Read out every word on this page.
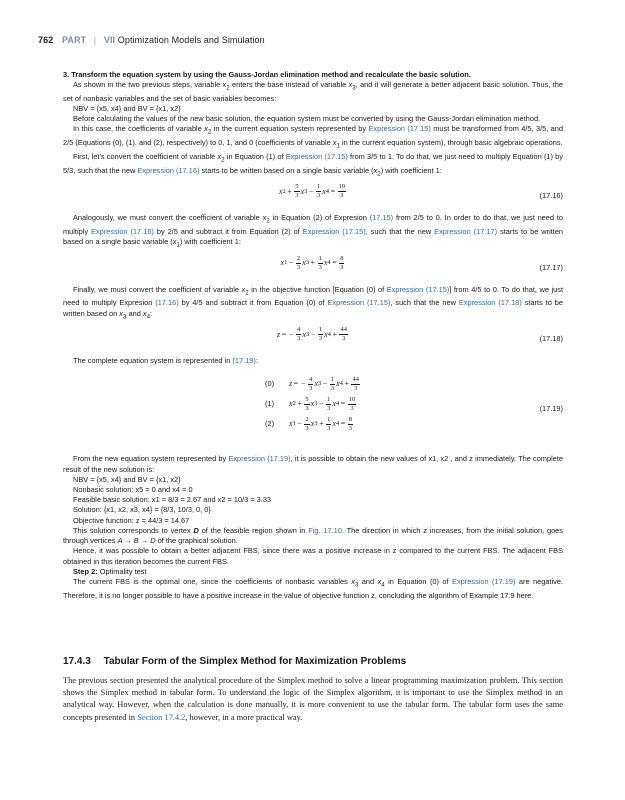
762 PART | VII Optimization Models and Simulation

3. Transform the equation system by using the Gauss-Jordan elimination method and recalculate the basic solution.

As shown in the two previous steps, variable $x_2$ enters the base instead of variable $x_3$, and it will generate a better adjacent basic solution. Thus, the set of nonbasic variables and the set of basic variables becomes:

NBV = {x5, x4} and BV = {x1, x2}

Before calculating the values of the new basic solution, the equation system must be converted by using the Gauss-Jordan elimination method.

In this case, the coefficients of variable $x_2$ in the current equation system represented by Expression (17.15) must be transformed from 4/5, 3/5, and 2/5 (Equations (0), (1), and (2), respectively) to 0, 1, and 0 (coefficients of variable $x_1$ in the current equation system), through basic algebraic operations.

First, let’s convert the coefficient of variable $x_2$ in Equation (1) of Expression (17.15) from 3/5 to 1. To do that, we just need to multiply Equation (1) by 5/3, such that the new Expression (17.16) starts to be written based on a single basic variable $(x_2)$ with coefficient 1:

x $2 + \frac{5}{3}$ x $3 - \frac{1}{3}$ x $4 = \frac{10}{3}$	(17.16)

Analogously, we must convert the coefficient of variable $x_2$ in Equation (2) of Expresion (17.15) from 2/5 to 0. In order to do that, we just need to multiply Expression (17.16) by 2/5 and subtract it from Equation (2) of Expression (17.15), such that the new Expression (17.17) starts to be written based on a single basic variable $(x_1)$ with coefficient 1:

x $1 - \frac{2}{3}$ x $3 + \frac{1}{3}$ x $4 = \frac{8}{3}$	(17.17)

Finally, we must convert the coefficient of variable $x_2$ in the objective function [Equation (0) of Expression (17.15)] from 4/5 to 0. To do that, we just need to multiply Expresion (17.16) by 4/5 and subtract it from Equation (0) of Expression (17.15), such that the new Expression (17.18) starts to be written based on $x_3$ and $x_4$:

z = − $\frac{4}{3}$ x $3 - \frac{1}{3}$ x $4 + \frac{44}{3}$	(17.18)

The complete equation system is represented in (17.19):

(0)	z = − $\frac{4}{3}$ x $3 - \frac{1}{3}$ x $4 + \frac{44}{3}$
(1)	x $2 + \frac{5}{3}$ x $3 - \frac{1}{3}$ x $4 = \frac{10}{3}$
(2)	x $1 - \frac{2}{3}$ x $3 + \frac{1}{3}$ x $4 = \frac{8}{3}$
(17.19)

From the new equation system represented by Expression (17.19), it is possible to obtain the new values of x1, x2 , and z immediately. The complete result of the new solution is:

NBV = {x5, x4} and BV = {x1, x2}

Nonbasic solution: x5 = 0 and x4 = 0

Feasible basic solution: x1 = 8/3 = 2.67 and x2 = 10/3 = 3.33

Solution: {x1, x2, x3, x4} = {8/3, 10/3, 0, 0}

Objective function: z = 44/3 = 14.67

This solution corresponds to vertex D of the feasible region shown in Fig. 17.10. The direction in which z increases, from the initial solution, goes through vertices A → B → D of the graphical solution.

Hence, it was possible to obtain a better adjacent FBS, since there was a positive increase in z compared to the current FBS. The adjacent FBS obtained in this iteration becomes the current FBS.

Step 2: Optimality test

The current FBS is the optimal one, since the coefficients of nonbasic variables $x_3$ and $x_4$ in Equation (0) of Expression (17.19) are negative. Therefore, it is no longer possible to have a positive increase in the value of objective function z, concluding the algorithm of Example 17.9 here.

17.4.3 Tabular Form of the Simplex Method for Maximization Problems

The previous section presented the analytical procedure of the Simplex method to solve a linear programming maximization problem. This section shows the Simplex method in tabular form. To understand the logic of the Simplex algorithm, it is important to use the Simplex method in an analytical way. However, when the calculation is done manually, it is more convenient to use the tabular form. The tabular form uses the same concepts presented in Section 17.4.2, however, in a more practical way.
